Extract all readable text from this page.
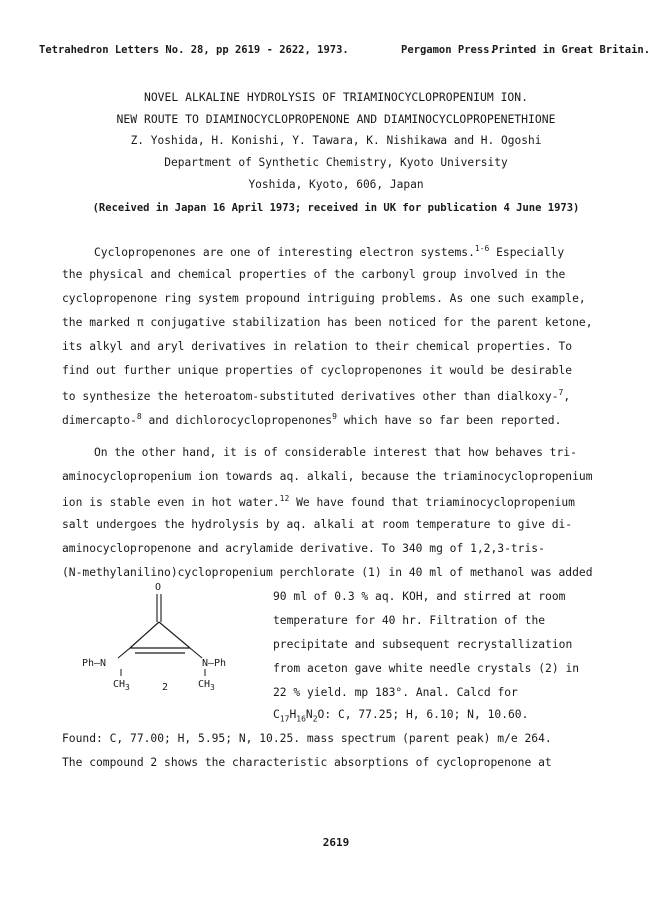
Tetrahedron Letters No. 28, pp 2619 - 2622, 1973.	Pergamon Press.
Printed in Great Britain.
NOVEL ALKALINE HYDROLYSIS OF TRIAMINOCYCLOPROPENIUM ION.
NEW ROUTE TO DIAMINOCYCLOPROPENONE AND DIAMINOCYCLOPROPENETHIONE
Z. Yoshida, H. Konishi, Y. Tawara, K. Nishikawa and H. Ogoshi
Department of Synthetic Chemistry, Kyoto University
Yoshida, Kyoto, 606, Japan
(Received in Japan 16 April 1973; received in UK for publication 4 June 1973)
Cyclopropenones are one of interesting electron systems.$^{1-6}$ Especially
the physical and chemical properties of the carbonyl group involved in the
cyclopropenone ring system propound intriguing problems. As one such example,
the marked π conjugative stabilization has been noticed for the parent ketone,
its alkyl and aryl derivatives in relation to their chemical properties. To
find out further unique properties of cyclopropenones it would be desirable
to synthesize the heteroatom-substituted derivatives other than dialkoxy-$^7$,
dimercapto-$^8$ and dichlorocyclopropenones$^9$ which have so far been reported.
On the other hand, it is of considerable interest that how behaves tri-
aminocyclopropenium ion towards aq. alkali, because the triaminocyclopropenium
ion is stable even in hot water.$^{12}$ We have found that triaminocyclopropenium
salt undergoes the hydrolysis by aq. alkali at room temperature to give di-
aminocyclopropenone and acrylamide derivative. To 340 mg of 1,2,3-tris-
(N-methylanilino)cyclopropenium perchlorate (1) in 40 ml of methanol was added
O
Ph—N	N—Ph
$CH_3$	$CH_3$
2
90 ml of 0.3 % aq. KOH, and stirred at room
temperature for 40 hr. Filtration of the
precipitate and subsequent recrystallization
from aceton gave white needle crystals (2) in
22 % yield. mp 183°. Anal. Calcd for
$C_{17}H_{16}N_2O$: C, 77.25; H, 6.10; N, 10.60.
Found: C, 77.00; H, 5.95; N, 10.25. mass spectrum (parent peak) m/e 264.
The compound 2 shows the characteristic absorptions of cyclopropenone at
2619
